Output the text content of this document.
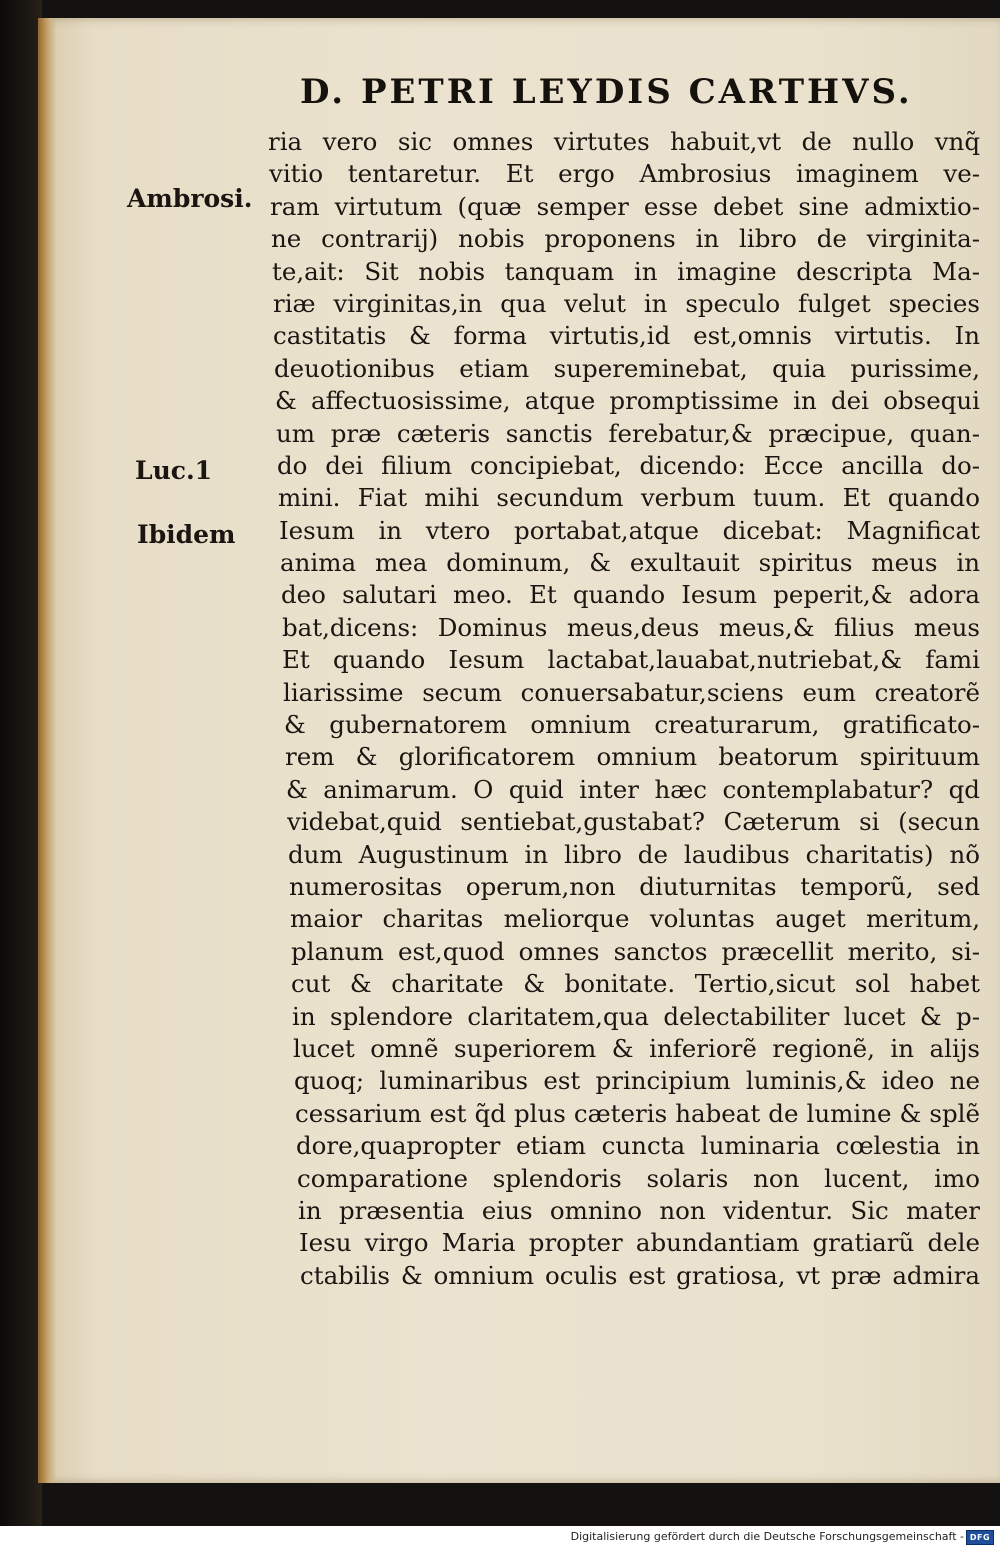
D. PETRI LEYDIS CARTHVS.
Ambrosi.
Luc.1
Ibidem
ria vero sic omnes virtutes habuit,vt de nullo vnq̃
vitio tentaretur. Et ergo Ambrosius imaginem ve-
ram virtutum (quæ semper esse debet sine admixtio-
ne contrarij) nobis proponens in libro de virginita-
te,ait: Sit nobis tanquam in imagine descripta Ma-
riæ virginitas,in qua velut in speculo fulget species
castitatis & forma virtutis,id est,omnis virtutis. In
deuotionibus etiam supereminebat, quia purissime,
& affectuosissime, atque promptissime in dei obsequi
um præ cæteris sanctis ferebatur,& præcipue, quan-
do dei filium concipiebat, dicendo: Ecce ancilla do-
mini. Fiat mihi secundum verbum tuum. Et quando
Iesum in vtero portabat,atque dicebat: Magnificat
anima mea dominum, & exultauit spiritus meus in
deo salutari meo. Et quando Iesum peperit,& adora
bat,dicens: Dominus meus,deus meus,& filius meus
Et quando Iesum lactabat,lauabat,nutriebat,& fami
liarissime secum conuersabatur,sciens eum creatorẽ
& gubernatorem omnium creaturarum, gratificato-
rem & glorificatorem omnium beatorum spirituum
& animarum. O quid inter hæc contemplabatur? qd
videbat,quid sentiebat,gustabat? Cæterum si (secun
dum Augustinum in libro de laudibus charitatis) nõ
numerositas operum,non diuturnitas temporũ, sed
maior charitas meliorque voluntas auget meritum,
planum est,quod omnes sanctos præcellit merito, si-
cut & charitate & bonitate. Tertio,sicut sol habet
in splendore claritatem,qua delectabiliter lucet & p-
lucet omnẽ superiorem & inferiorẽ regionẽ, in alijs
quoq; luminaribus est principium luminis,& ideo ne
cessarium est q̃d plus cæteris habeat de lumine & splẽ
dore,quapropter etiam cuncta luminaria cœlestia in
comparatione splendoris solaris non lucent, imo
in præsentia eius omnino non videntur. Sic mater
Iesu virgo Maria propter abundantiam gratiarũ dele
ctabilis & omnium oculis est gratiosa, vt præ admira
Digitalisierung gefördert durch die Deutsche Forschungsgemeinschaft - DFG
